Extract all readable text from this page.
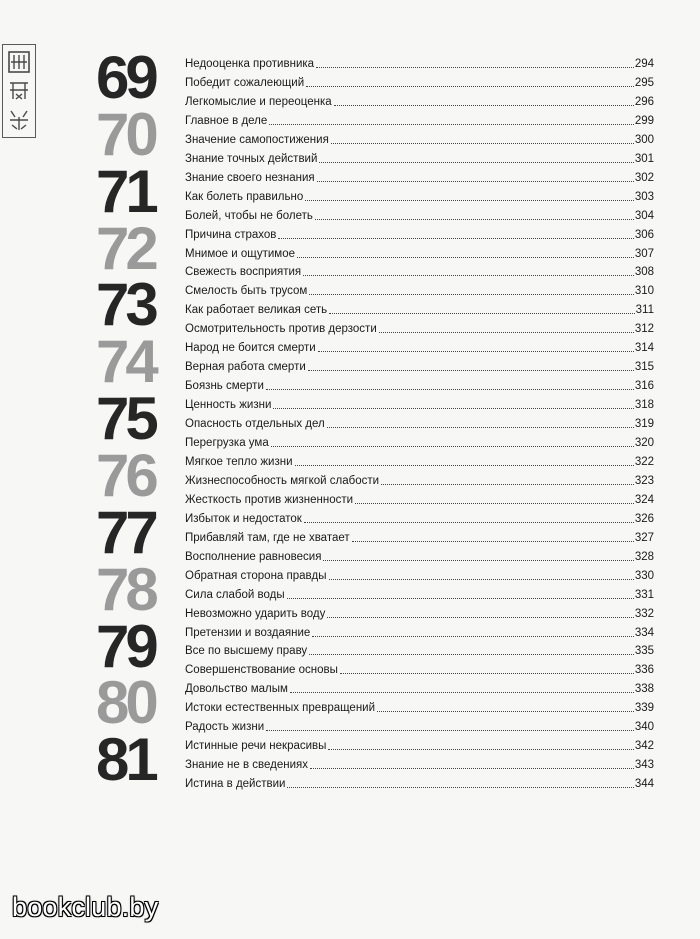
69
70
71
72
73
74
75
76
77
78
79
80
81
Недооценка противника	294
Победит сожалеющий	295
Легкомыслие и переоценка	296
Главное в деле	299
Значение самопостижения	300
Знание точных действий	301
Знание своего незнания	302
Как болеть правильно	303
Болей, чтобы не болеть	304
Причина страхов	306
Мнимое и ощутимое	307
Свежесть восприятия	308
Смелость быть трусом	310
Как работает великая сеть	311
Осмотрительность против дерзости	312
Народ не боится смерти	314
Верная работа смерти	315
Боязнь смерти	316
Ценность жизни	318
Опасность отдельных дел	319
Перегрузка ума	320
Мягкое тепло жизни	322
Жизнеспособность мягкой слабости	323
Жесткость против жизненности	324
Избыток и недостаток	326
Прибавляй там, где не хватает	327
Восполнение равновесия	328
Обратная сторона правды	330
Сила слабой воды	331
Невозможно ударить воду	332
Претензии и воздаяние	334
Все по высшему праву	335
Совершенствование основы	336
Довольство малым	338
Истоки естественных превращений	339
Радость жизни	340
Истинные речи некрасивы	342
Знание не в сведениях	343
Истина в действии	344
bookclub.by
